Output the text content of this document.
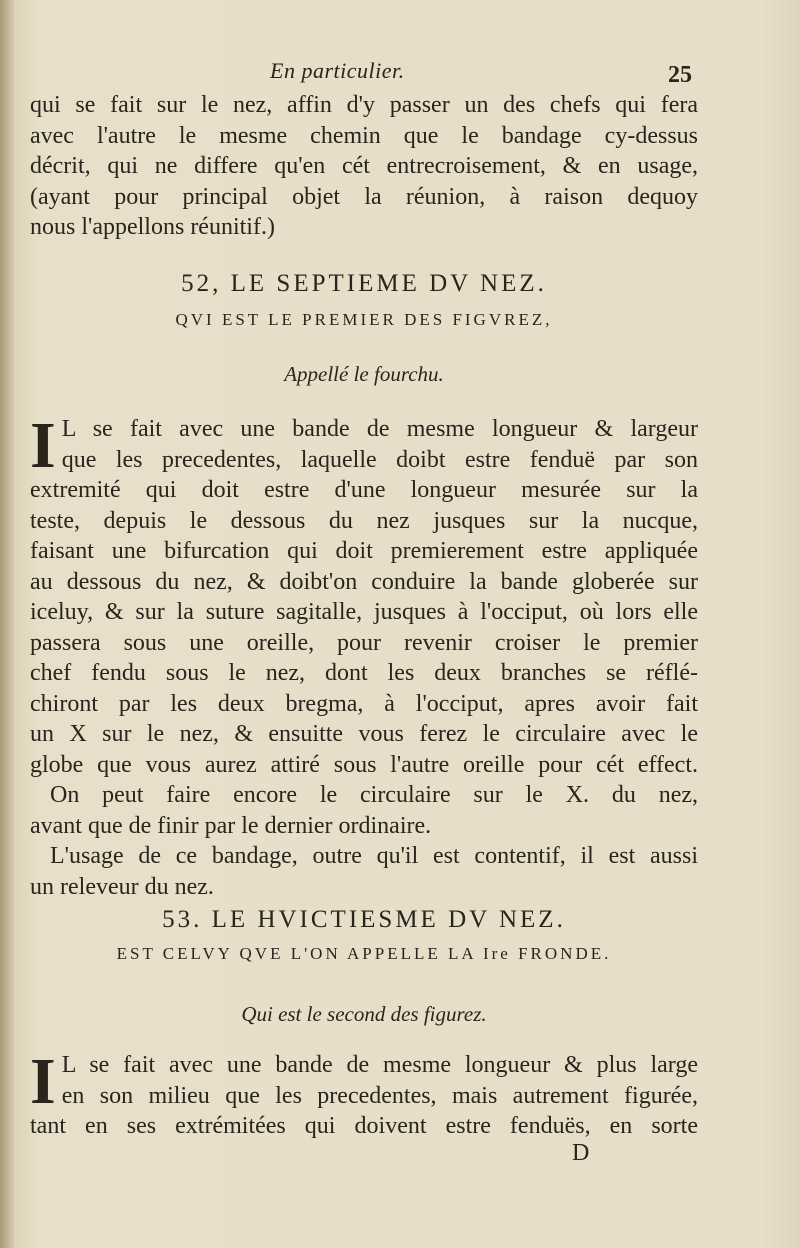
En particulier.	25
qui se fait sur le nez, affin d'y passer un des chefs qui fera
avec l'autre le mesme chemin que le bandage cy-dessus
décrit, qui ne differe qu'en cét entrecroisement, & en usage,
(ayant pour principal objet la réunion, à raison dequoy
nous l'appellons réunitif.)
52, LE SEPTIEME DV NEZ.
QVI EST LE PREMIER DES FIGVREZ,
Appellé le fourchu.
I L se fait avec une bande de mesme longueur & largeur
que les precedentes, laquelle doibt estre fenduë par son
extremité qui doit estre d'une longueur mesurée sur la
teste, depuis le dessous du nez jusques sur la nucque,
faisant une bifurcation qui doit premierement estre appliquée
au dessous du nez, & doibt'on conduire la bande globerée sur
iceluy, & sur la suture sagitalle, jusques à l'occiput, où lors elle
passera sous une oreille, pour revenir croiser le premier
chef fendu sous le nez, dont les deux branches se réflé-
chiront par les deux bregma, à l'occiput, apres avoir fait
un X sur le nez, & ensuitte vous ferez le circulaire avec le
globe que vous aurez attiré sous l'autre oreille pour cét effect.
On peut faire encore le circulaire sur le X. du nez,
avant que de finir par le dernier ordinaire.
L'usage de ce bandage, outre qu'il est contentif, il est aussi
un releveur du nez.
53. LE HVICTIESME DV NEZ.
EST CELVY QVE L'ON APPELLE LA Ire FRONDE.
Qui est le second des figurez.
I L se fait avec une bande de mesme longueur & plus large
en son milieu que les precedentes, mais autrement figurée,
tant en ses extrémitées qui doivent estre fenduës, en sorte
D
